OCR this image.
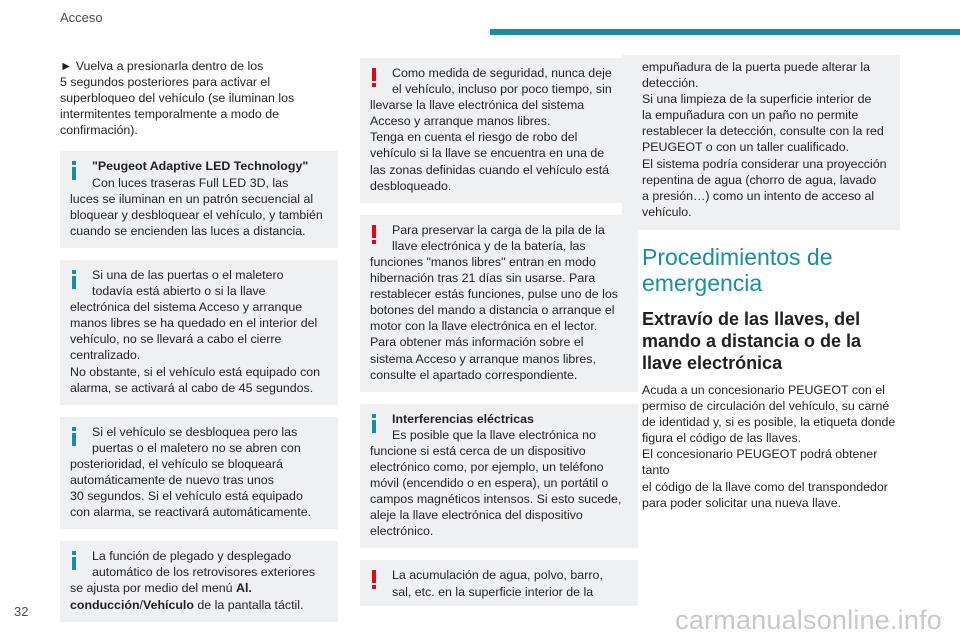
Acceso

► Vuelva a presionarla dentro de los
5 segundos posteriores para activar el
superbloqueo del vehículo (se iluminan los
intermitentes temporalmente a modo de
confirmación).

"Peugeot Adaptive LED Technology"
Con luces traseras Full LED 3D, las
luces se iluminan en un patrón secuencial al
bloquear y desbloquear el vehículo, y también
cuando se encienden las luces a distancia.
Si una de las puertas o el maletero
todavía está abierto o si la llave
electrónica del sistema Acceso y arranque
manos libres se ha quedado en el interior del
vehículo, no se llevará a cabo el cierre
centralizado.
No obstante, si el vehículo está equipado con
alarma, se activará al cabo de 45 segundos.
Si el vehículo se desbloquea pero las
puertas o el maletero no se abren con
posterioridad, el vehículo se bloqueará
automáticamente de nuevo tras unos
30 segundos. Si el vehículo está equipado
con alarma, se reactivará automáticamente.
La función de plegado y desplegado
automático de los retrovisores exteriores
se ajusta por medio del menú Al.
conducción/Vehículo de la pantalla táctil.
Como medida de seguridad, nunca deje
el vehículo, incluso por poco tiempo, sin
llevarse la llave electrónica del sistema
Acceso y arranque manos libres.
Tenga en cuenta el riesgo de robo del
vehículo si la llave se encuentra en una de
las zonas definidas cuando el vehículo está
desbloqueado.
Para preservar la carga de la pila de la
llave electrónica y de la batería, las
funciones "manos libres" entran en modo
hibernación tras 21 días sin usarse. Para
restablecer estás funciones, pulse uno de los
botones del mando a distancia o arranque el
motor con la llave electrónica en el lector.
Para obtener más información sobre el
sistema Acceso y arranque manos libres,
consulte el apartado correspondiente.
Interferencias eléctricas
Es posible que la llave electrónica no
funcione si está cerca de un dispositivo
electrónico como, por ejemplo, un teléfono
móvil (encendido o en espera), un portátil o
campos magnéticos intensos. Si esto sucede,
aleje la llave electrónica del dispositivo
electrónico.
La acumulación de agua, polvo, barro,
sal, etc. en la superficie interior de la
empuñadura de la puerta puede alterar la
detección.
Si una limpieza de la superficie interior de
la empuñadura con un paño no permite
restablecer la detección, consulte con la red
PEUGEOT o con un taller cualificado.
El sistema podría considerar una proyección
repentina de agua (chorro de agua, lavado
a presión…) como un intento de acceso al
vehículo.
Procedimientos de
emergencia
Extravío de las llaves, del
mando a distancia o de la
llave electrónica
Acuda a un concesionario PEUGEOT con el
permiso de circulación del vehículo, su carné
de identidad y, si es posible, la etiqueta donde
figura el código de las llaves.
El concesionario PEUGEOT podrá obtener tanto
el código de la llave como del transpondedor
para poder solicitar una nueva llave.
32	carmanualsonline.info
